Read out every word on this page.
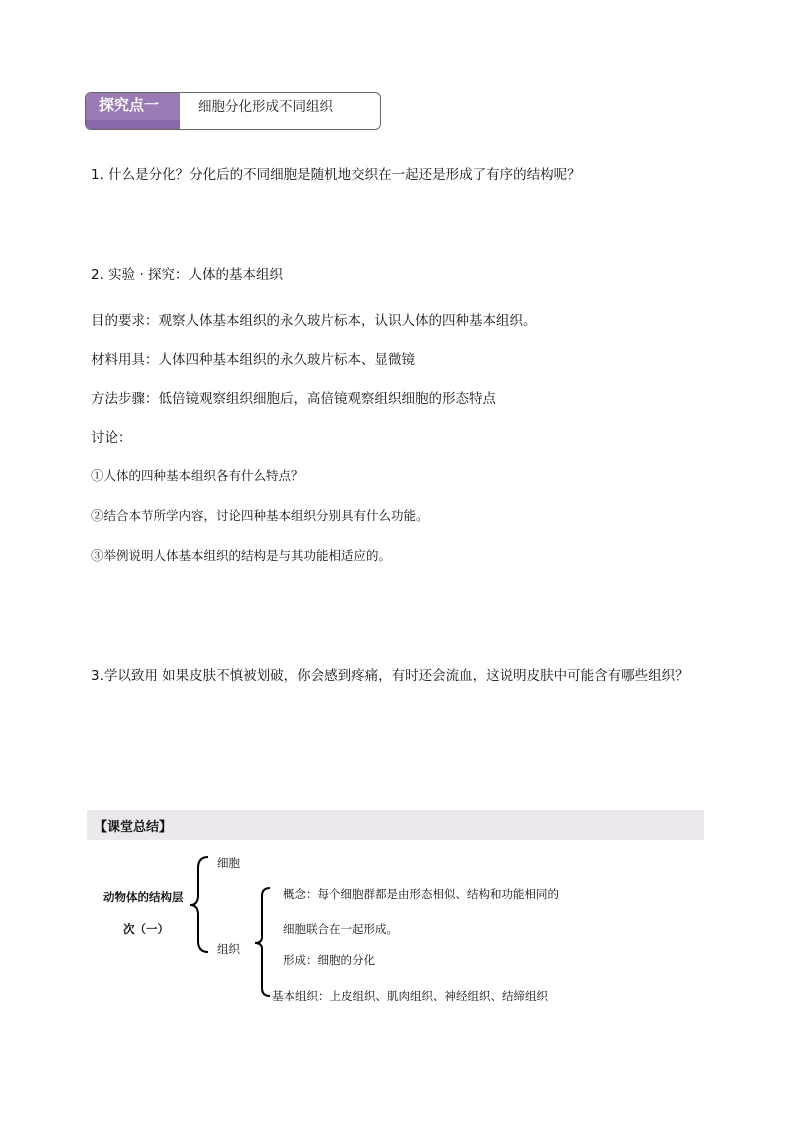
探究点一	细胞分化形成不同组织
1. 什么是分化？分化后的不同细胞是随机地交织在一起还是形成了有序的结构呢？
2. 实验 · 探究：人体的基本组织
目的要求：观察人体基本组织的永久玻片标本，认识人体的四种基本组织。
材料用具：人体四种基本组织的永久玻片标本、显微镜
方法步骤：低倍镜观察组织细胞后，高倍镜观察组织细胞的形态特点
讨论：
①人体的四种基本组织各有什么特点？
②结合本节所学内容，讨论四种基本组织分别具有什么功能。
③举例说明人体基本组织的结构是与其功能相适应的。
3.学以致用 如果皮肤不慎被划破，你会感到疼痛，有时还会流血，这说明皮肤中可能含有哪些组织？
【课堂总结】
动物体的结构层
次（一）
细胞
组织
概念：每个细胞群都是由形态相似、结构和功能相同的
细胞联合在一起形成。
形成：细胞的分化
基本组织：上皮组织、肌肉组织、神经组织、结缔组织
